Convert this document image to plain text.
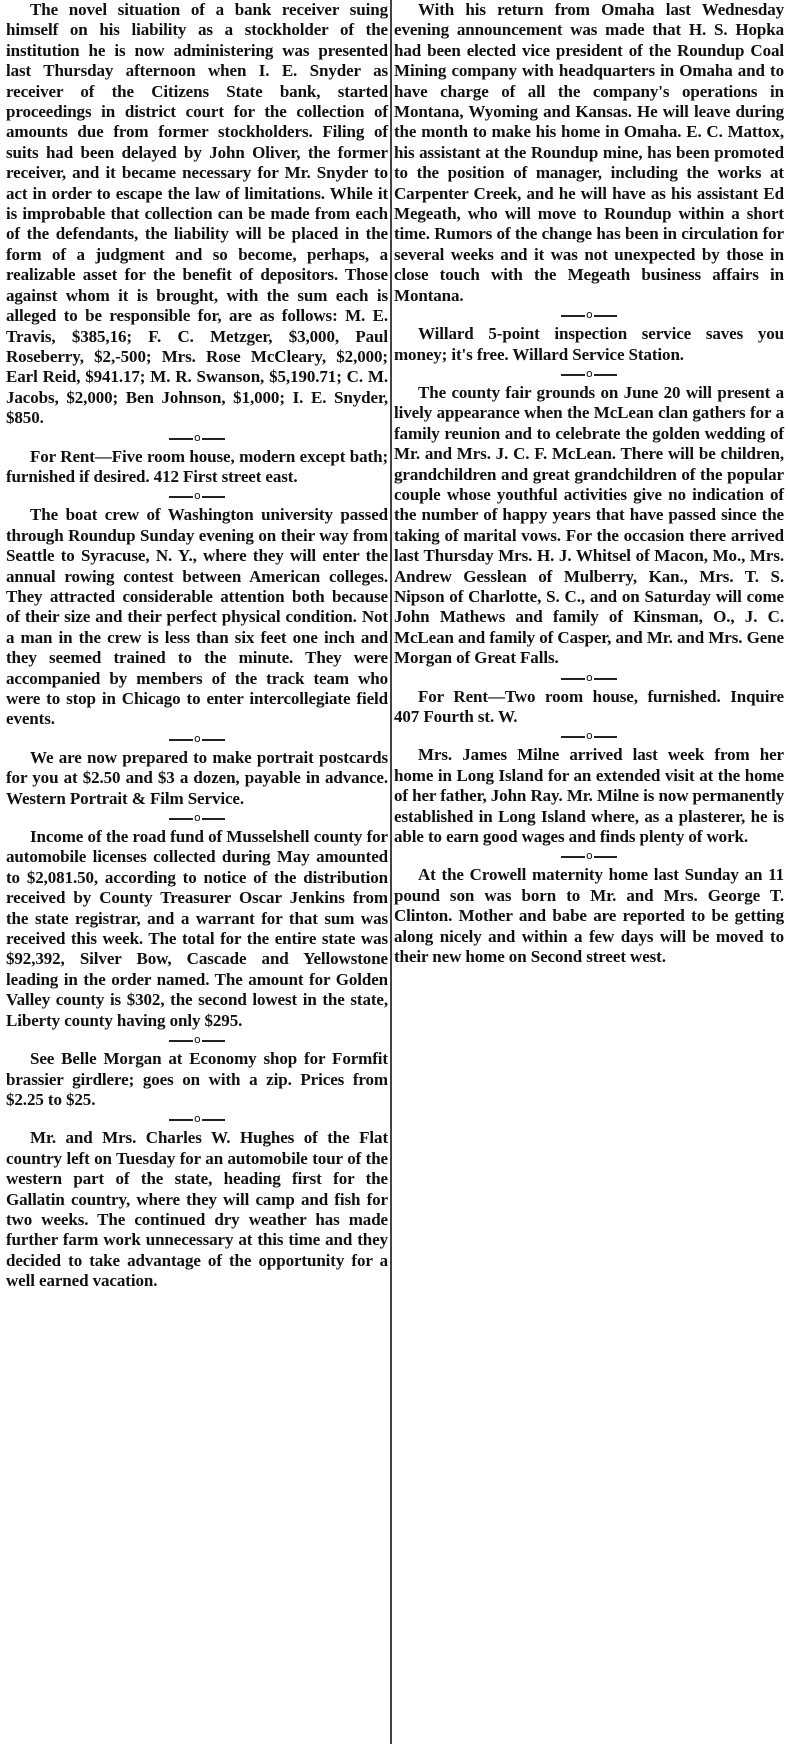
The novel situation of a bank receiver suing himself on his liability as a stockholder of the institution he is now administering was presented last Thursday afternoon when I. E. Snyder as receiver of the Citizens State bank, started proceedings in district court for the collection of amounts due from former stockholders. Filing of suits had been delayed by John Oliver, the former receiver, and it became necessary for Mr. Snyder to act in order to escape the law of limitations. While it is improbable that collection can be made from each of the defendants, the liability will be placed in the form of a judgment and so become, perhaps, a realizable asset for the benefit of depositors. Those against whom it is brought, with the sum each is alleged to be responsible for, are as follows: M. E. Travis, $385,16; F. C. Metzger, $3,000, Paul Roseberry, $2,-500; Mrs. Rose McCleary, $2,000; Earl Reid, $941.17; M. R. Swanson, $5,190.71; C. M. Jacobs, $2,000; Ben Johnson, $1,000; I. E. Snyder, $850.

o

For Rent—Five room house, modern except bath; furnished if desired. 412 First street east.

o

The boat crew of Washington university passed through Roundup Sunday evening on their way from Seattle to Syracuse, N. Y., where they will enter the annual rowing contest between American colleges. They attracted considerable attention both because of their size and their perfect physical condition. Not a man in the crew is less than six feet one inch and they seemed trained to the minute. They were accompanied by members of the track team who were to stop in Chicago to enter intercollegiate field events.

o

We are now prepared to make portrait postcards for you at $2.50 and $3 a dozen, payable in advance. Western Portrait & Film Service.

o

Income of the road fund of Musselshell county for automobile licenses collected during May amounted to $2,081.50, according to notice of the distribution received by County Treasurer Oscar Jenkins from the state registrar, and a warrant for that sum was received this week. The total for the entire state was $92,392, Silver Bow, Cascade and Yellowstone leading in the order named. The amount for Golden Valley county is $302, the second lowest in the state, Liberty county having only $295.

o

See Belle Morgan at Economy shop for Formfit brassier girdlere; goes on with a zip. Prices from $2.25 to $25.

o

Mr. and Mrs. Charles W. Hughes of the Flat country left on Tuesday for an automobile tour of the western part of the state, heading first for the Gallatin country, where they will camp and fish for two weeks. The continued dry weather has made further farm work unnecessary at this time and they decided to take advantage of the opportunity for a well earned vacation.

With his return from Omaha last Wednesday evening announcement was made that H. S. Hopka had been elected vice president of the Roundup Coal Mining company with headquarters in Omaha and to have charge of all the company's operations in Montana, Wyoming and Kansas. He will leave during the month to make his home in Omaha. E. C. Mattox, his assistant at the Roundup mine, has been promoted to the position of manager, including the works at Carpenter Creek, and he will have as his assistant Ed Megeath, who will move to Roundup within a short time. Rumors of the change has been in circulation for several weeks and it was not unexpected by those in close touch with the Megeath business affairs in Montana.

o

Willard 5-point inspection service saves you money; it's free. Willard Service Station.

o

The county fair grounds on June 20 will present a lively appearance when the McLean clan gathers for a family reunion and to celebrate the golden wedding of Mr. and Mrs. J. C. F. McLean. There will be children, grandchildren and great grandchildren of the popular couple whose youthful activities give no indication of the number of happy years that have passed since the taking of marital vows. For the occasion there arrived last Thursday Mrs. H. J. Whitsel of Macon, Mo., Mrs. Andrew Gesslean of Mulberry, Kan., Mrs. T. S. Nipson of Charlotte, S. C., and on Saturday will come John Mathews and family of Kinsman, O., J. C. McLean and family of Casper, and Mr. and Mrs. Gene Morgan of Great Falls.

o

For Rent—Two room house, furnished. Inquire 407 Fourth st. W.

o

Mrs. James Milne arrived last week from her home in Long Island for an extended visit at the home of her father, John Ray. Mr. Milne is now permanently established in Long Island where, as a plasterer, he is able to earn good wages and finds plenty of work.

o

At the Crowell maternity home last Sunday an 11 pound son was born to Mr. and Mrs. George T. Clinton. Mother and babe are reported to be getting along nicely and within a few days will be moved to their new home on Second street west.
